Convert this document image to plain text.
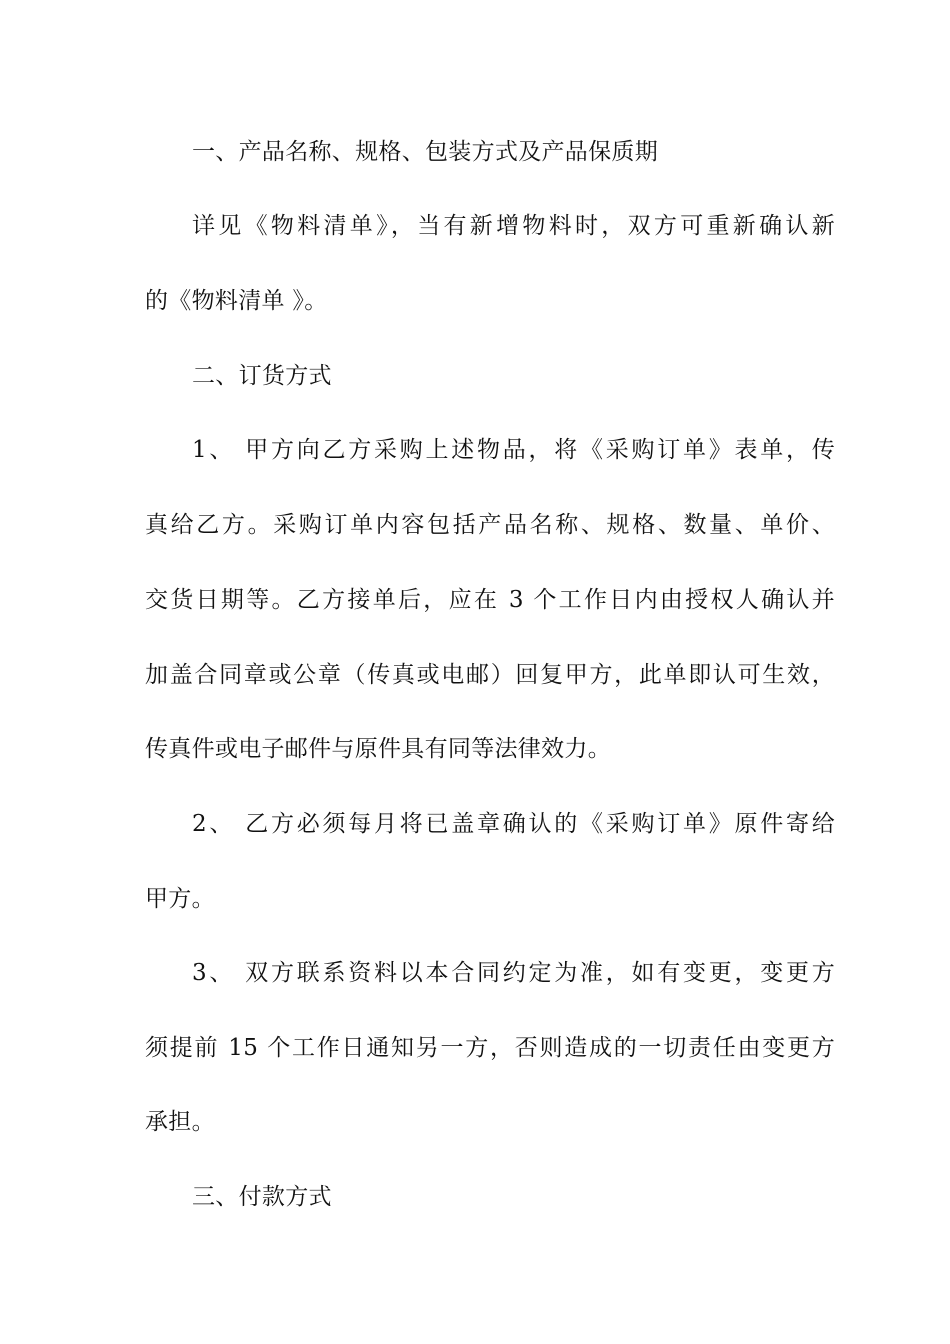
一、产品名称、规格、包装方式及产品保质期
详见《物料清单》，当有新增物料时，双方可重新确认新
的《物料清单 》。
二、订货方式
1、 甲方向乙方采购上述物品，将《采购订单》表单，传
真给乙方。采购订单内容包括产品名称、规格、数量、单价、
交货日期等。乙方接单后，应在 3 个工作日内由授权人确认并
加盖合同章或公章（传真或电邮）回复甲方，此单即认可生效，
传真件或电子邮件与原件具有同等法律效力。
2、 乙方必须每月将已盖章确认的《采购订单》原件寄给
甲方。
3、 双方联系资料以本合同约定为准，如有变更，变更方
须提前 15 个工作日通知另一方，否则造成的一切责任由变更方
承担。
三、付款方式
